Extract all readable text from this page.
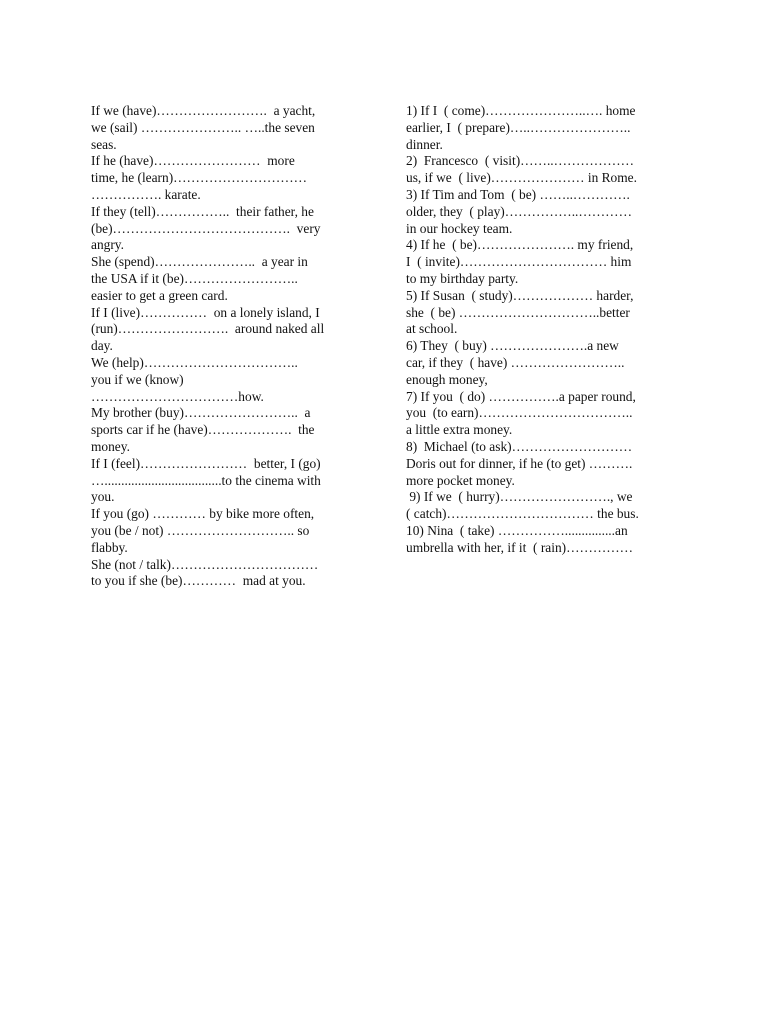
If we (have)…………………….  a yacht,
we (sail) ………………….. …..the seven
seas.
If he (have)……………………  more
time, he (learn)…………………………
……………. karate.
If they (tell)……………..  their father, he
(be)………………………………….  very
angry.
She (spend)…………………..  a year in
the USA if it (be)……………………..
easier to get a green card.
If I (live)……………  on a lonely island, I
(run)…………………….  around naked all
day.
We (help)……………………………..
you if we (know)
……………………………how.
My brother (buy)……………………..  a
sports car if he (have)……………….  the
money.
If I (feel)……………………  better, I (go)
…...................................to the cinema with
you.
If you (go) ………… by bike more often,
you (be / not) ……………………….. so
flabby.
She (not / talk)……………………………
to you if she (be)…………  mad at you.
1) If I  ( come)…………………..…. home
earlier, I  ( prepare)…..…………………..
dinner.
2)  Francesco  ( visit)……..………………
us, if we  ( live)………………… in Rome.
3) If Tim and Tom  ( be) ……..………….
older, they  ( play)……………..…………
in our hockey team.
4) If he  ( be)…………………. my friend,
I  ( invite)…………………………… him
to my birthday party.
5) If Susan  ( study)……………… harder,
she  ( be) …………………………..better
at school.
6) They  ( buy) ………………….a new
car, if they  ( have) ……………………..
enough money,
7) If you  ( do) …………….a paper round,
you  (to earn)……………………………..
a little extra money.
8)  Michael (to ask)………………………
Doris out for dinner, if he (to get) ……….
more pocket money.
9) If we  ( hurry)……………………., we
( catch)…………………………… the bus.
10) Nina  ( take) ……………...............an
umbrella with her, if it  ( rain)……………
